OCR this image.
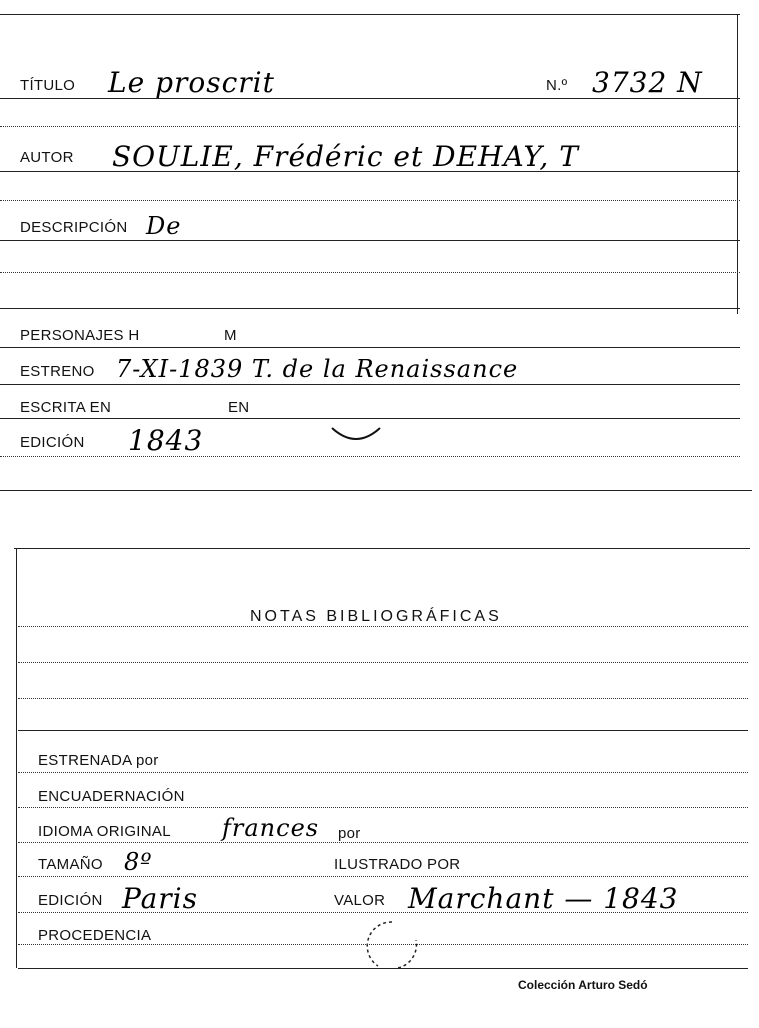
TÍTULO Le proscrit	N.º 3732 N
AUTOR SOULIE, Frédéric et DEHAY, T
DESCRIPCIÓN De
PERSONAJES H	M
ESTRENO 7-XI-1839 T. de la Renaissance
ESCRITA EN	EN
EDICIÓN 1843
NOTAS BIBLIOGRÁFICAS
ESTRENADA por
ENCUADERNACIÓN
IDIOMA ORIGINAL frances por
TAMAÑO 8º	ILUSTRADO POR
EDICIÓN Paris	VALOR Marchant — 1843
PROCEDENCIA
Colección Arturo Sedó
